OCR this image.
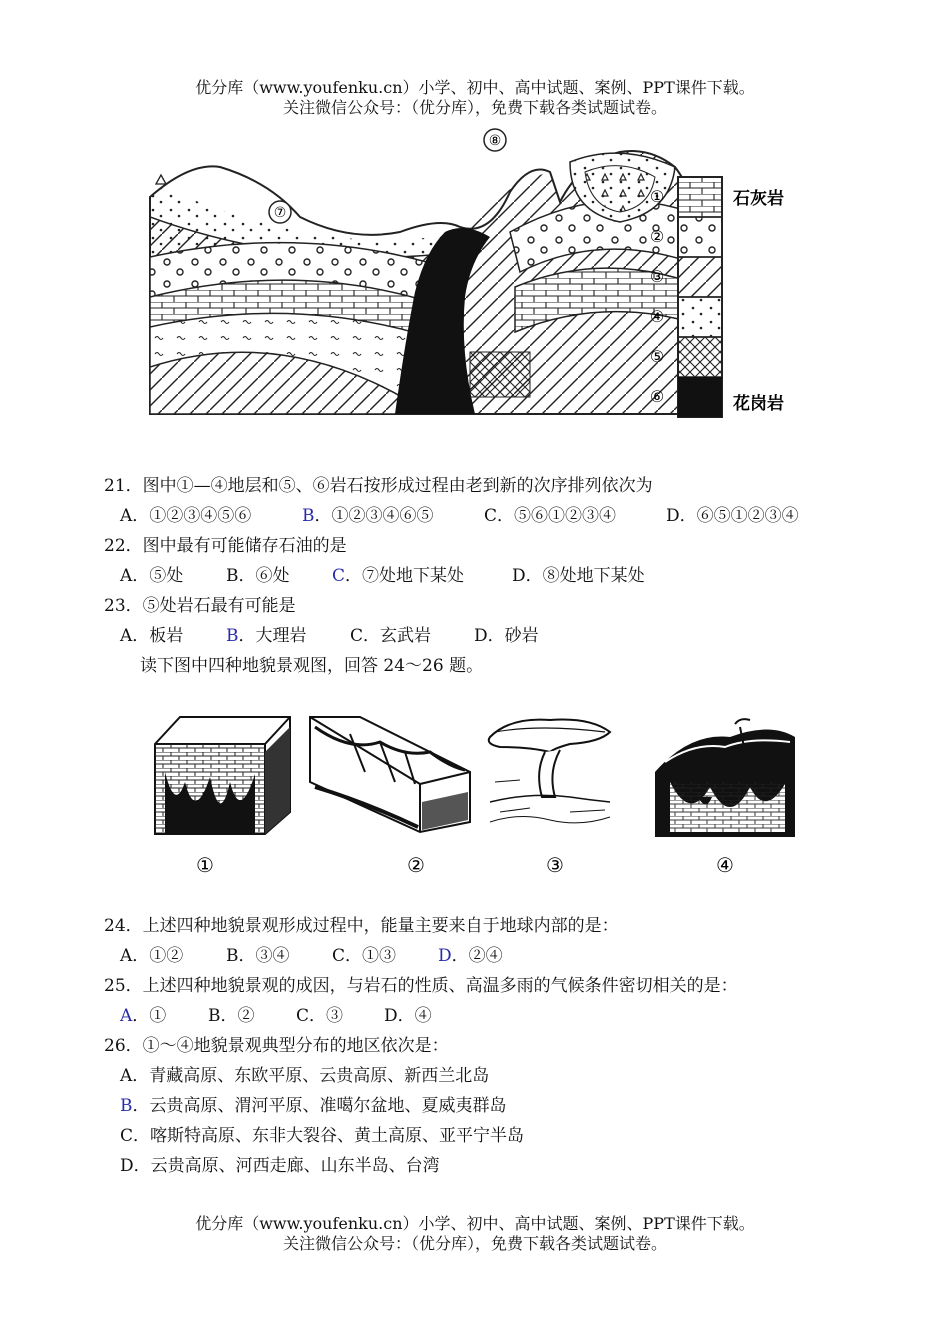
优分库（www.youfenku.cn）小学、初中、高中试题、案例、PPT课件下载。
关注微信公众号：（优分库），免费下载各类试题试卷。
⑦
⑧
①
②
③
④
⑤
⑥
石灰岩
花岗岩
21．图中①—④地层和⑤、⑥岩石按形成过程由老到新的次序排列依次为
A．①②③④⑤⑥	B．①②③④⑥⑤	C．⑤⑥①②③④	D．⑥⑤①②③④
22．图中最有可能储存石油的是
A．⑤处	B．⑥处	C．⑦处地下某处	D．⑧处地下某处
23．⑤处岩石最有可能是
A．板岩	B．大理岩	C．玄武岩	D．砂岩
读下图中四种地貌景观图，回答 24～26 题。
①	②	③	④
24．上述四种地貌景观形成过程中，能量主要来自于地球内部的是：
A．①②	B．③④	C．①③ D．②④
25．上述四种地貌景观的成因，与岩石的性质、高温多雨的气候条件密切相关的是：
A．① B．② C．③ D．④
26．①～④地貌景观典型分布的地区依次是：
A．青藏高原、东欧平原、云贵高原、新西兰北岛
B．云贵高原、渭河平原、准噶尔盆地、夏威夷群岛
C．喀斯特高原、东非大裂谷、黄土高原、亚平宁半岛
D．云贵高原、河西走廊、山东半岛、台湾
优分库（www.youfenku.cn）小学、初中、高中试题、案例、PPT课件下载。
关注微信公众号：（优分库），免费下载各类试题试卷。
